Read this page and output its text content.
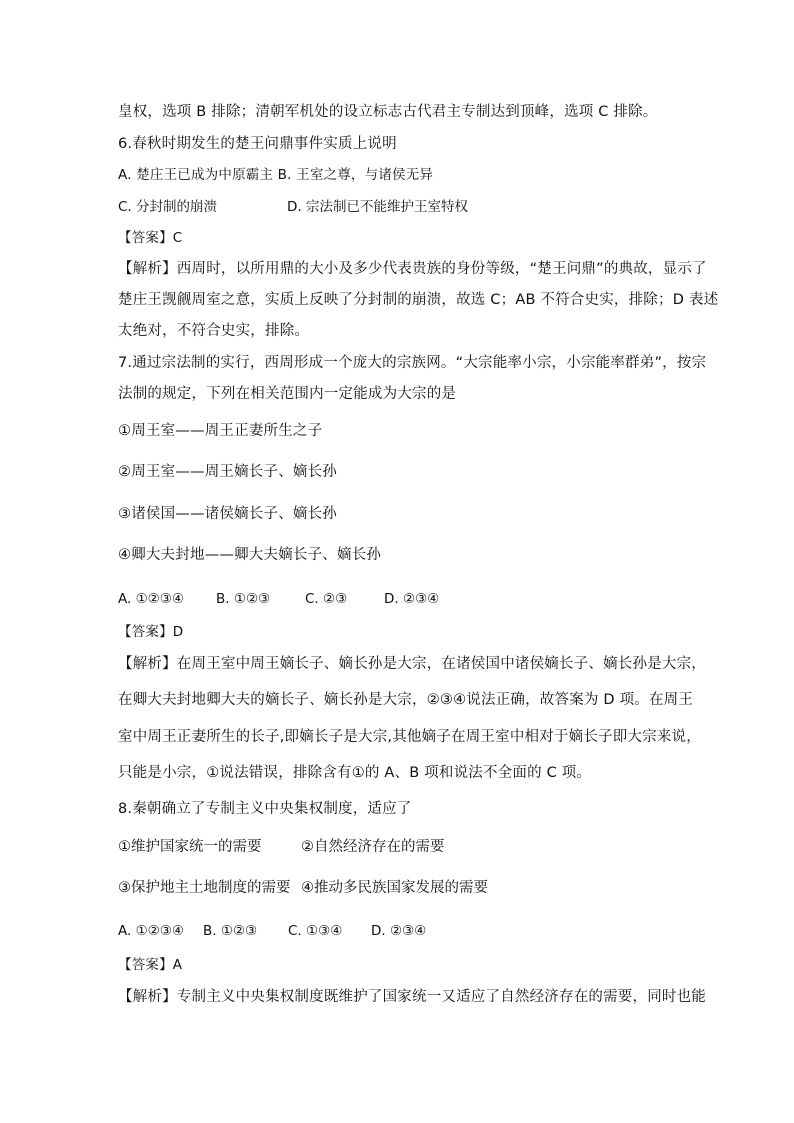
皇权，选项 B 排除；清朝军机处的设立标志古代君主专制达到顶峰，选项 C 排除。
6.春秋时期发生的楚王问鼎事件实质上说明
A. 楚庄王已成为中原霸主 B. 王室之尊，与诸侯无异
C. 分封制的崩溃	D. 宗法制已不能维护王室特权
【答案】C
【解析】西周时，以所用鼎的大小及多少代表贵族的身份等级，“楚王问鼎”的典故，显示了
楚庄王觊觎周室之意，实质上反映了分封制的崩溃，故选 C；AB 不符合史实，排除；D 表述
太绝对，不符合史实，排除。
7.通过宗法制的实行，西周形成一个庞大的宗族网。“大宗能率小宗，小宗能率群弟”，按宗
法制的规定，下列在相关范围内一定能成为大宗的是
①周王室——周王正妻所生之子
②周王室——周王嫡长子、嫡长孙
③诸侯国——诸侯嫡长子、嫡长孙
④卿大夫封地——卿大夫嫡长子、嫡长孙
A. ①②③④ B. ①②③	C. ②③	D. ②③④
【答案】D
【解析】在周王室中周王嫡长子、嫡长孙是大宗，在诸侯国中诸侯嫡长子、嫡长孙是大宗，
在卿大夫封地卿大夫的嫡长子、嫡长孙是大宗，②③④说法正确，故答案为 D 项。在周王
室中周王正妻所生的长子,即嫡长子是大宗,其他嫡子在周王室中相对于嫡长子即大宗来说，
只能是小宗，①说法错误，排除含有①的 A、B 项和说法不全面的 C 项。
8.秦朝确立了专制主义中央集权制度，适应了
①维护国家统一的需要	②自然经济存在的需要
③保护地主土地制度的需要 ④推动多民族国家发展的需要
A. ①②③④ B. ①②③ C. ①③④ D. ②③④
【答案】A
【解析】专制主义中央集权制度既维护了国家统一又适应了自然经济存在的需要，同时也能
